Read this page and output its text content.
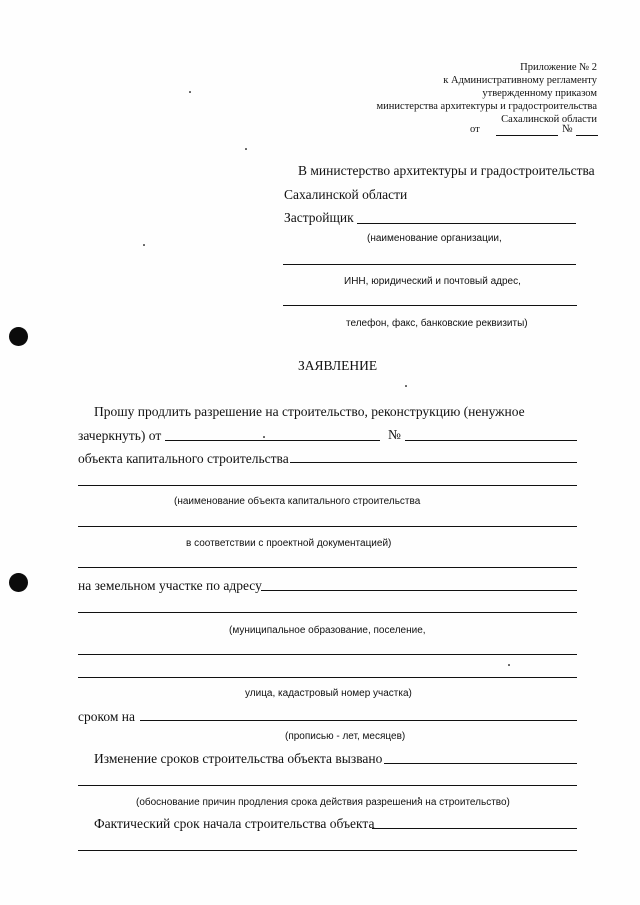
Приложение № 2
к Административному регламенту
утвержденному приказом
министерства архитектуры и градостроительства
Сахалинской области
от	№
В министерство архитектуры и градостроительства
Сахалинской области
Застройщик
(наименование организации,
ИНН, юридический и почтовый адрес,
телефон, факс, банковские реквизиты)
ЗАЯВЛЕНИЕ
Прошу продлить разрешение на строительство, реконструкцию (ненужное
зачеркнуть) от	№
объекта капитального строительства
(наименование объекта капитального строительства
в соответствии с проектной документацией)
на земельном участке по адресу
(муниципальное образование, поселение,
улица, кадастровый номер участка)
сроком на
(прописью - лет, месяцев)
Изменение сроков строительства объекта вызвано
(обоснование причин продления срока действия разрешения на строительство)
Фактический срок начала строительства объекта
